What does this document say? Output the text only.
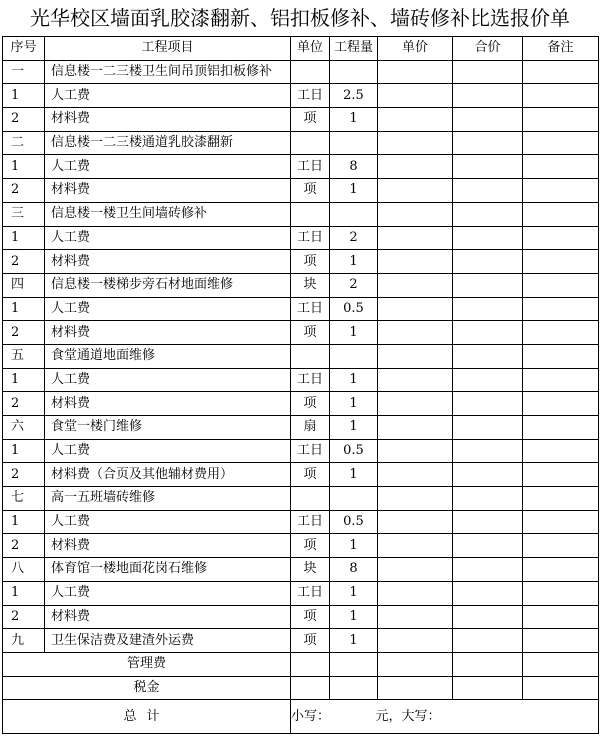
光华校区墙面乳胶漆翻新、铝扣板修补、墙砖修补比选报价单
序号	工程项目	单位	工程量	单价	合价	备注
一	信息楼一二三楼卫生间吊顶铝扣板修补					
1	人工费	工日	2.5			
2	材料费	项	1			
二	信息楼一二三楼通道乳胶漆翻新					
1	人工费	工日	8			
2	材料费	项	1			
三	信息楼一楼卫生间墙砖修补					
1	人工费	工日	2			
2	材料费	项	1			
四	信息楼一楼梯步旁石材地面维修	块	2			
1	人工费	工日	0.5			
2	材料费	项	1			
五	食堂通道地面维修					
1	人工费	工日	1			
2	材料费	项	1			
六	食堂一楼门维修	扇	1			
1	人工费	工日	0.5			
2	材料费（合页及其他辅材费用）	项	1			
七	高一五班墙砖维修					
1	人工费	工日	0.5			
2	材料费	项	1			
八	体育馆一楼地面花岗石维修	块	8			
1	人工费	工日	1			
2	材料费	项	1			
九	卫生保洁费及建渣外运费	项	1			
管理费						
税金						
总计		小写：　　　　元，大写：				
